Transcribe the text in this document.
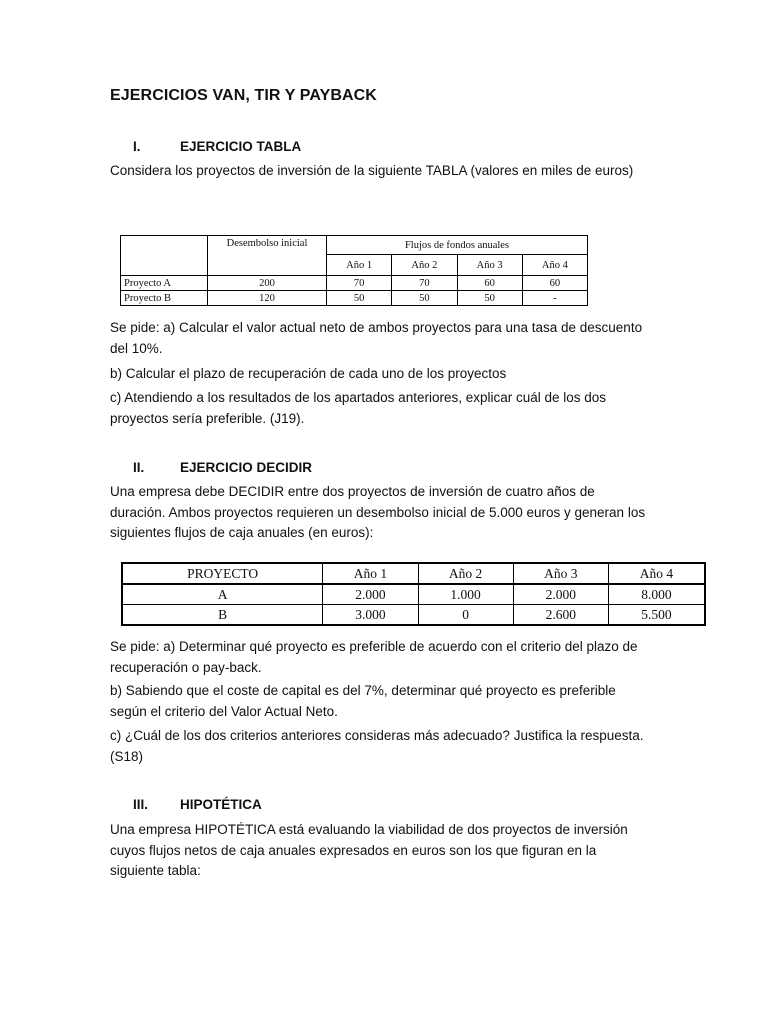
EJERCICIOS VAN, TIR Y PAYBACK
I.	EJERCICIO TABLA
Considera los proyectos de inversión de la siguiente TABLA (valores en miles de euros)
	Desembolso inicial	Flujos de fondos anuales			
		Año 1	Año 2	Año 3	Año 4
Proyecto A	200	70	70	60	60
Proyecto B	120	50	50	50	-
Se pide: a) Calcular el valor actual neto de ambos proyectos para una tasa de descuento del 10%.
b) Calcular el plazo de recuperación de cada uno de los proyectos
c) Atendiendo a los resultados de los apartados anteriores, explicar cuál de los dos proyectos sería preferible. (J19).
II.	EJERCICIO DECIDIR
Una empresa debe DECIDIR entre dos proyectos de inversión de cuatro años de duración. Ambos proyectos requieren un desembolso inicial de 5.000 euros y generan los siguientes flujos de caja anuales (en euros):
PROYECTO	Año 1	Año 2	Año 3	Año 4
A	2.000	1.000	2.000	8.000
B	3.000	0	2.600	5.500
Se pide: a) Determinar qué proyecto es preferible de acuerdo con el criterio del plazo de recuperación o pay-back.
b) Sabiendo que el coste de capital es del 7%, determinar qué proyecto es preferible según el criterio del Valor Actual Neto.
c) ¿Cuál de los dos criterios anteriores consideras más adecuado? Justifica la respuesta. (S18)
III.	HIPOTÉTICA
Una empresa HIPOTÉTICA está evaluando la viabilidad de dos proyectos de inversión cuyos flujos netos de caja anuales expresados en euros son los que figuran en la siguiente tabla:
